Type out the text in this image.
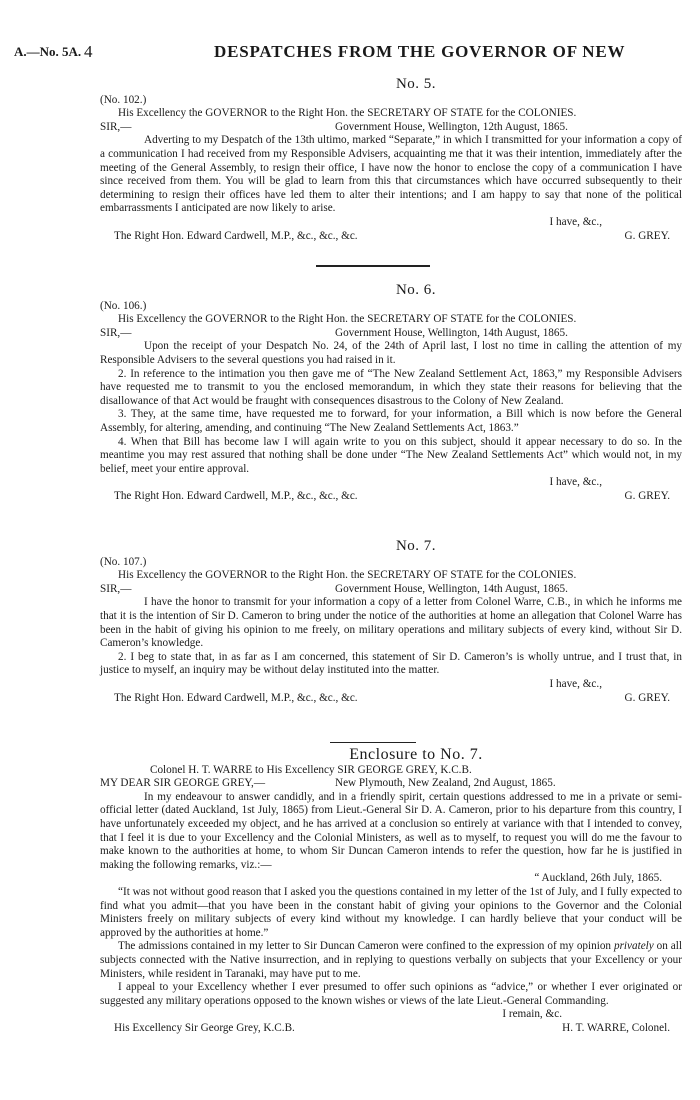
A.—No. 5A. 4	DESPATCHES FROM THE GOVERNOR OF NEW
No. 5.
(No. 102.)
His Excellency the GOVERNOR to the Right Hon. the SECRETARY OF STATE for the COLONIES.
SIR,—	Government House, Wellington, 12th August, 1865.

Adverting to my Despatch of the 13th ultimo, marked “Separate,” in which I transmitted for your information a copy of a communication I had received from my Responsible Advisers, acquainting me that it was their intention, immediately after the meeting of the General Assembly, to resign their office, I have now the honor to enclose the copy of a communication I have since received from them. You will be glad to learn from this that circumstances which have occurred subsequently to their determining to resign their offices have led them to alter their intentions; and I am happy to say that none of the political embarrassments I anticipated are now likely to arise.

I have, &c.,
The Right Hon. Edward Cardwell, M.P., &c., &c., &c.	G. GREY.
No. 6.
(No. 106.)
His Excellency the GOVERNOR to the Right Hon. the SECRETARY OF STATE for the COLONIES.
SIR,—	Government House, Wellington, 14th August, 1865.

Upon the receipt of your Despatch No. 24, of the 24th of April last, I lost no time in calling the attention of my Responsible Advisers to the several questions you had raised in it.

2. In reference to the intimation you then gave me of “The New Zealand Settlement Act, 1863,” my Responsible Advisers have requested me to transmit to you the enclosed memorandum, in which they state their reasons for believing that the disallowance of that Act would be fraught with consequences disastrous to the Colony of New Zealand.

3. They, at the same time, have requested me to forward, for your information, a Bill which is now before the General Assembly, for altering, amending, and continuing “The New Zealand Settlements Act, 1863.”

4. When that Bill has become law I will again write to you on this subject, should it appear necessary to do so. In the meantime you may rest assured that nothing shall be done under “The New Zealand Settlements Act” which would not, in my belief, meet your entire approval.

I have, &c.,
The Right Hon. Edward Cardwell, M.P., &c., &c., &c.	G. GREY.
No. 7.
(No. 107.)
His Excellency the GOVERNOR to the Right Hon. the SECRETARY OF STATE for the COLONIES.
SIR,—	Government House, Wellington, 14th August, 1865.

I have the honor to transmit for your information a copy of a letter from Colonel Warre, C.B., in which he informs me that it is the intention of Sir D. Cameron to bring under the notice of the authorities at home an allegation that Colonel Warre has been in the habit of giving his opinion to me freely, on military operations and military subjects of every kind, without Sir D. Cameron’s knowledge.

2. I beg to state that, in as far as I am concerned, this statement of Sir D. Cameron’s is wholly untrue, and I trust that, in justice to myself, an inquiry may be without delay instituted into the matter.

I have, &c.,
The Right Hon. Edward Cardwell, M.P., &c., &c., &c.	G. GREY.
Enclosure to No. 7.
Colonel H. T. WARRE to His Excellency SIR GEORGE GREY, K.C.B.
MY DEAR SIR GEORGE GREY,—	New Plymouth, New Zealand, 2nd August, 1865.

In my endeavour to answer candidly, and in a friendly spirit, certain questions addressed to me in a private or semi-official letter (dated Auckland, 1st July, 1865) from Lieut.-General Sir D. A. Cameron, prior to his departure from this country, I have unfortunately exceeded my object, and he has arrived at a conclusion so entirely at variance with that I intended to convey, that I feel it is due to your Excellency and the Colonial Ministers, as well as to myself, to request you will do me the favour to make known to the authorities at home, to whom Sir Duncan Cameron intends to refer the question, how far he is justified in making the following remarks, viz.:—

“ Auckland, 26th July, 1865.

“It was not without good reason that I asked you the questions contained in my letter of the 1st of July, and I fully expected to find what you admit—that you have been in the constant habit of giving your opinions to the Governor and the Colonial Ministers freely on military subjects of every kind without my knowledge. I can hardly believe that your conduct will be approved by the authorities at home.”

The admissions contained in my letter to Sir Duncan Cameron were confined to the expression of my opinion privately on all subjects connected with the Native insurrection, and in replying to questions verbally on subjects that your Excellency or your Ministers, while resident in Taranaki, may have put to me.

I appeal to your Excellency whether I ever presumed to offer such opinions as “advice,” or whether I ever originated or suggested any military operations opposed to the known wishes or views of the late Lieut.-General Commanding.

I remain, &c.
His Excellency Sir George Grey, K.C.B.	H. T. WARRE, Colonel.
